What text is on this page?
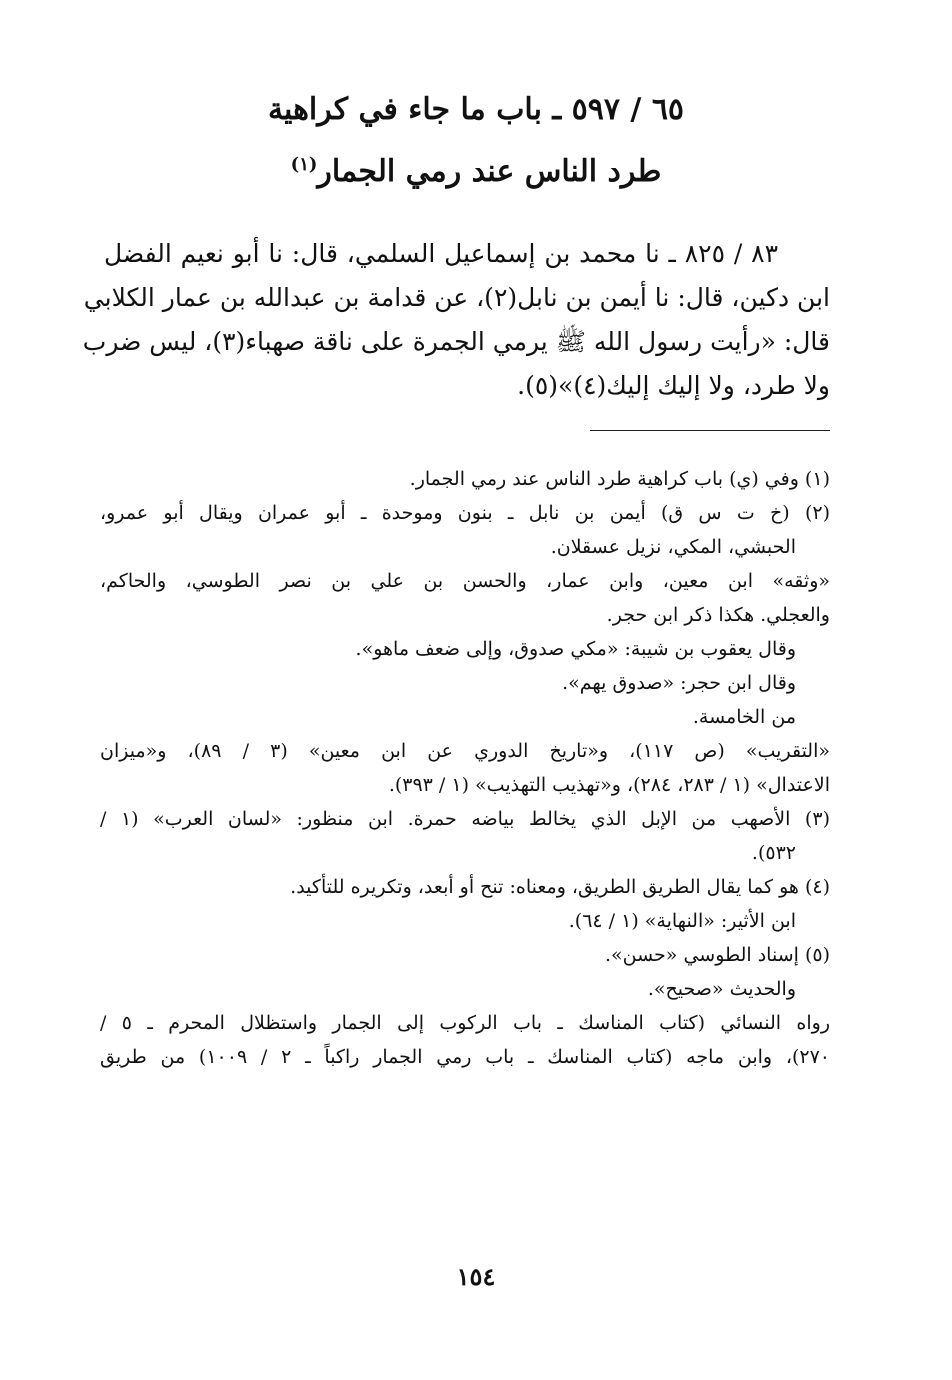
٦٥ / ٥٩٧ ـ باب ما جاء في كراهية
طرد الناس عند رمي الجمار$^{(١)}$
٨٣ / ٨٢٥ ـ نا محمد بن إسماعيل السلمي، قال: نا أبو نعيم الفضل
ابن دكين، قال: نا أيمن بن نابل(٢)، عن قدامة بن عبدالله بن عمار الكلابي
قال: «رأيت رسول الله ﷺ يرمي الجمرة على ناقة صهباء(٣)، ليس ضرب
ولا طرد، ولا إليك إليك(٤)»(٥).
(١) وفي (ي) باب كراهية طرد الناس عند رمي الجمار.
(٢) (خ ت س ق) أيمن بن نابل ـ بنون وموحدة ـ أبو عمران ويقال أبو عمرو،
الحبشي، المكي، نزيل عسقلان.
«وثقه» ابن معين، وابن عمار، والحسن بن علي بن نصر الطوسي، والحاكم،
والعجلي. هكذا ذكر ابن حجر.
وقال يعقوب بن شيبة: «مكي صدوق، وإلى ضعف ماهو».
وقال ابن حجر: «صدوق يهم».
من الخامسة.
«التقريب» (ص ١١٧)، و«تاريخ الدوري عن ابن معين» (٣ / ٨٩)، و«ميزان
الاعتدال» (١ / ٢٨٣، ٢٨٤)، و«تهذيب التهذيب» (١ / ٣٩٣).
(٣) الأصهب من الإبل الذي يخالط بياضه حمرة. ابن منظور: «لسان العرب» (١ /
٥٣٢).
(٤) هو كما يقال الطريق الطريق، ومعناه: تنح أو أبعد، وتكريره للتأكيد.
ابن الأثير: «النهاية» (١ / ٦٤).
(٥) إسناد الطوسي «حسن».
والحديث «صحيح».
رواه النسائي (كتاب المناسك ـ باب الركوب إلى الجمار واستظلال المحرم ـ ٥ /
٢٧٠)، وابن ماجه (كتاب المناسك ـ باب رمي الجمار راكباً ـ ٢ / ١٠٠٩) من طريق
١٥٤
